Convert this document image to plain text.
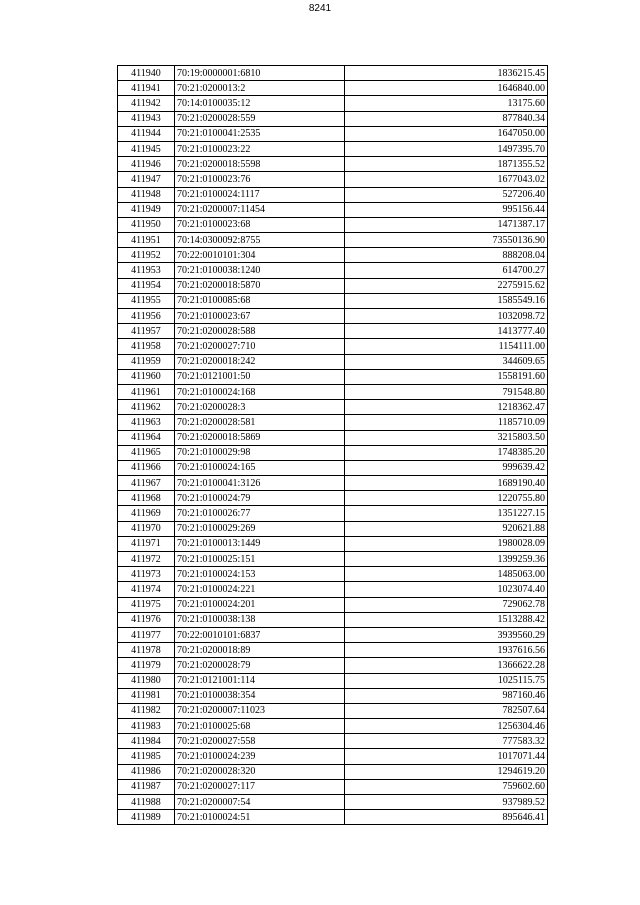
8241
411940	70:19:0000001:6810	1836215.45
411941	70:21:0200013:2	1646840.00
411942	70:14:0100035:12	13175.60
411943	70:21:0200028:559	877840.34
411944	70:21:0100041:2535	1647050.00
411945	70:21:0100023:22	1497395.70
411946	70:21:0200018:5598	1871355.52
411947	70:21:0100023:76	1677043.02
411948	70:21:0100024:1117	527206.40
411949	70:21:0200007:11454	995156.44
411950	70:21:0100023:68	1471387.17
411951	70:14:0300092:8755	73550136.90
411952	70:22:0010101:304	888208.04
411953	70:21:0100038:1240	614700.27
411954	70:21:0200018:5870	2275915.62
411955	70:21:0100085:68	1585549.16
411956	70:21:0100023:67	1032098.72
411957	70:21:0200028:588	1413777.40
411958	70:21:0200027:710	1154111.00
411959	70:21:0200018:242	344609.65
411960	70:21:0121001:50	1558191.60
411961	70:21:0100024:168	791548.80
411962	70:21:0200028:3	1218362.47
411963	70:21:0200028:581	1185710.09
411964	70:21:0200018:5869	3215803.50
411965	70:21:0100029:98	1748385.20
411966	70:21:0100024:165	999639.42
411967	70:21:0100041:3126	1689190.40
411968	70:21:0100024:79	1220755.80
411969	70:21:0100026:77	1351227.15
411970	70:21:0100029:269	920621.88
411971	70:21:0100013:1449	1980028.09
411972	70:21:0100025:151	1399259.36
411973	70:21:0100024:153	1485063.00
411974	70:21:0100024:221	1023074.40
411975	70:21:0100024:201	729062.78
411976	70:21:0100038:138	1513288.42
411977	70:22:0010101:6837	3939560.29
411978	70:21:0200018:89	1937616.56
411979	70:21:0200028:79	1366622.28
411980	70:21:0121001:114	1025115.75
411981	70:21:0100038:354	987160.46
411982	70:21:0200007:11023	782507.64
411983	70:21:0100025:68	1256304.46
411984	70:21:0200027:558	777583.32
411985	70:21:0100024:239	1017071.44
411986	70:21:0200028:320	1294619.20
411987	70:21:0200027:117	759602.60
411988	70:21:0200007:54	937989.52
411989	70:21:0100024:51	895646.41
